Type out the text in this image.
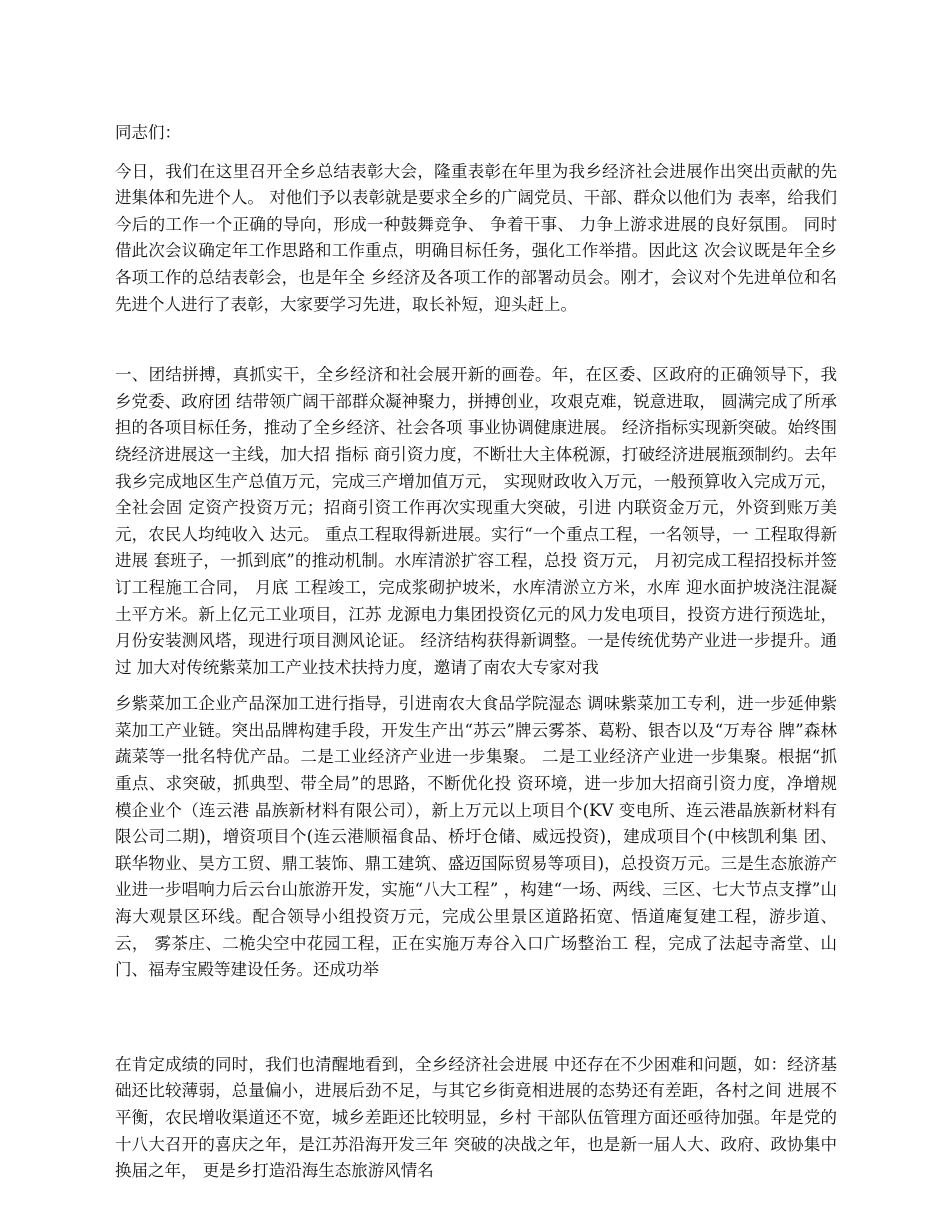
同志们：

今日，我们在这里召开全乡总结表彰大会，隆重表彰在年里为我乡经济社会进展作出突出贡献的先进集体和先进个人。 对他们予以表彰就是要求全乡的广阔党员、干部、群众以他们为 表率，给我们今后的工作一个正确的导向，形成一种鼓舞竞争、 争着干事、 力争上游求进展的良好氛围。 同时借此次会议确定年工作思路和工作重点，明确目标任务，强化工作举措。因此这 次会议既是年全乡各项工作的总结表彰会，也是年全 乡经济及各项工作的部署动员会。刚才，会议对个先进单位和名先进个人进行了表彰，大家要学习先进，取长补短，迎头赶上。

一、团结拼搏，真抓实干，全乡经济和社会展开新的画卷。年，在区委、区政府的正确领导下，我乡党委、政府团 结带领广阔干部群众凝神聚力，拼搏创业，攻艰克难，锐意进取， 圆满完成了所承担的各项目标任务，推动了全乡经济、社会各项 事业协调健康进展。 经济指标实现新突破。始终围绕经济进展这一主线，加大招 指标 商引资力度，不断壮大主体税源，打破经济进展瓶颈制约。去年我乡完成地区生产总值万元，完成三产增加值万元， 实现财政收入万元，一般预算收入完成万元，全社会固 定资产投资万元；招商引资工作再次实现重大突破，引进 内联资金万元，外资到账万美元，农民人均纯收入 达元。 重点工程取得新进展。实行“一个重点工程，一名领导，一 工程取得新进展 套班子，一抓到底”的推动机制。水库清淤扩容工程，总投 资万元， 月初完成工程招投标并签订工程施工合同， 月底 工程竣工，完成浆砌护坡米，水库清淤立方米，水库 迎水面护坡浇注混凝土平方米。新上亿元工业项目，江苏 龙源电力集团投资亿元的风力发电项目，投资方进行预选址，月份安装测风塔，现进行项目测风论证。 经济结构获得新调整。一是传统优势产业进一步提升。通过 加大对传统紫菜加工产业技术扶持力度，邀请了南农大专家对我

乡紫菜加工企业产品深加工进行指导，引进南农大食品学院湿态 调味紫菜加工专利，进一步延伸紫菜加工产业链。突出品牌构建手段，开发生产出“苏云”牌云雾茶、葛粉、银杏以及“万寿谷 牌”森林蔬菜等一批名特优产品。二是工业经济产业进一步集聚。 二是工业经济产业进一步集聚。根据“抓重点、求突破，抓典型、带全局”的思路，不断优化投 资环境，进一步加大招商引资力度，净增规模企业个（连云港 晶族新材料有限公司），新上万元以上项目个(KV 变电所、连云港晶族新材料有限公司二期)，增资项目个(连云港顺福食品、桥圩仓储、威远投资)，建成项目个(中核凯利集 团、联华物业、昊方工贸、鼎工装饰、鼎工建筑、盛迈国际贸易等项目)，总投资万元。三是生态旅游产业进一步唱响力后云台山旅游开发，实施“八大工程” ，构建“一场、两线、三区、七大节点支撑”山海大观景区环线。配合领导小组投资万元，完成公里景区道路拓宽、悟道庵复建工程，游步道、云， 雾茶庄、二桅尖空中花园工程，正在实施万寿谷入口广场整治工 程，完成了法起寺斋堂、山门、福寿宝殿等建设任务。还成功举

在肯定成绩的同时，我们也清醒地看到，全乡经济社会进展 中还存在不少困难和问题，如：经济基础还比较薄弱，总量偏小，进展后劲不足，与其它乡街竟相进展的态势还有差距，各村之间 进展不平衡，农民增收渠道还不宽，城乡差距还比较明显，乡村 干部队伍管理方面还亟待加强。年是党的十八大召开的喜庆之年，是江苏沿海开发三年 突破的决战之年，也是新一届人大、政府、政协集中换届之年， 更是乡打造沿海生态旅游风情名
